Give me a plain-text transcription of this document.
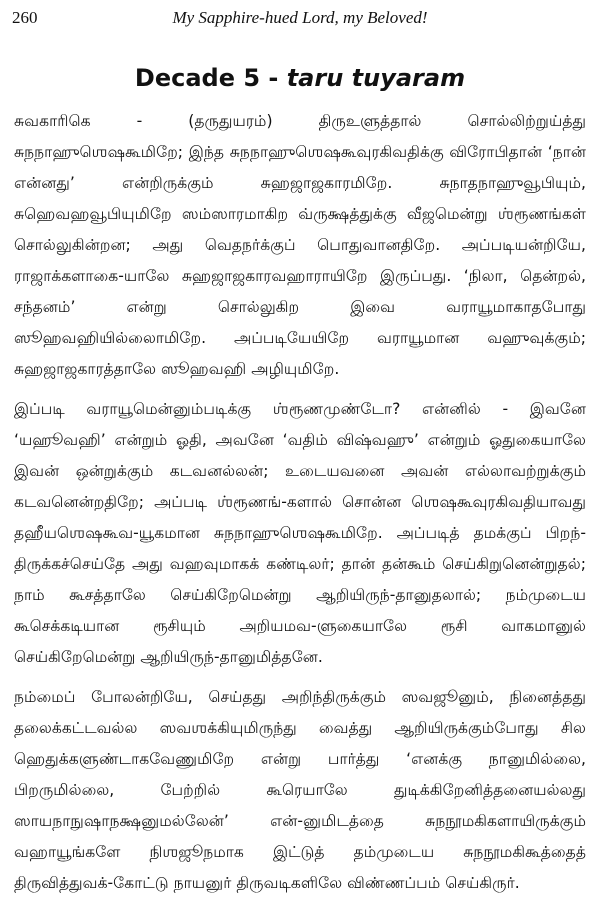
260	My Sapphire-hued Lord, my Beloved!
Decade 5 - taru tuyaram

சுவகாரிகெ - (தருதுயரம்) திருஉளுத்தால் சொல்லிற்றுய்த்து சுநநாஹுஶெஷகூமிறே; இந்த சுநநாஹுஶெஷகூவுரகிவதிக்கு விரோபிதான் ‘நான் என்னது’ என்றிருக்கும் சுஹஜாஜகாரமிறே. சுநாதநாஹுவூபியும், சுஹெவஹவூபியுமிறே ஸம்ஸாரமாகிற வ்ருக்ஷத்துக்கு வீஜமென்று ஶ்ரூணங்கள் சொல்லுகின்றன; அது வெதநர்க்குப் பொதுவானதிறே. அப்படியன்றியே, ராஜாக்களாகை-யாலே சுஹஜாஜகாரவஹாராயிறே இருப்பது. ‘நிலா, தென்றல், சந்தனம்’ என்று சொல்லுகிற இவை வராயூமாகாதபோது ஸூஹவஹியில்லைாமிறே. அப்படியேயிறே வராயூமான வஹுவுக்கும்; சுஹஜாஜகாரத்தாலே ஸூஹவஹி அழியுமிறே.

இப்படி வராயூமென்னும்படிக்கு ஶ்ரூணமுண்டோ? என்னில் - இவனே ‘யஹூவஹி’ என்றும் ஓதி, அவனே ‘வதிம் விஷ்வஹு’ என்றும் ஓதுகையாலே இவன் ஒன்றுக்கும் கடவனல்லன்; உடையவனை அவன் எல்லாவற்றுக்கும் கடவனென்றதிறே; அப்படி ஶ்ரூணங்-களால் சொன்ன ஶெஷகூவுரகிவதியாவது தஹீயஶெஷகூவ-யூகமான சுநநாஹுஶெஷகூமிறே. அப்படித் தமக்குப் பிறந்-திருக்கச்செய்தே அது வஹவுமாகக் கண்டிலர்; தான் தன்கூம் செய்கிறுனென்றுதல்; நாம் கூசத்தாலே செய்கிறேமென்று ஆறியிருந்-தானுதலால்; நம்முடைய கூசெக்கடியான ரூசியும் அறியமவ-ளுகையாலே ரூசி வாகமானுல் செய்கிறேமென்று ஆறியிருந்-தானுமித்தனே.

நம்மைப் போலன்றியே, செய்தது அறிந்திருக்கும் ஸவஜூனும், நினைத்தது தலைக்கட்டவல்ல ஸவஶக்கியுமிருந்து வைத்து ஆறியிருக்கும்போது சில ஹெதுக்களுண்டாகவேணுமிறே என்று பார்த்து ‘எனக்கு நானுமில்லை, பிறருமில்லை, பேற்றில் கூரெயாலே துடிக்கிறேனித்தனையல்லது ஸாயநாநுஷாநக்ஷனுமல்லேன்’ என்-னுமிடத்தை சுநநூமகிகளாயிருக்கும் வஹாயூங்களே நிஶஜூநமாக இட்டுத் தம்முடைய சுநநூமகிகூத்தைத் திருவித்துவக்-கோட்டு நாயனுர் திருவடிகளிலே விண்ணப்பம் செய்கிருர்.
